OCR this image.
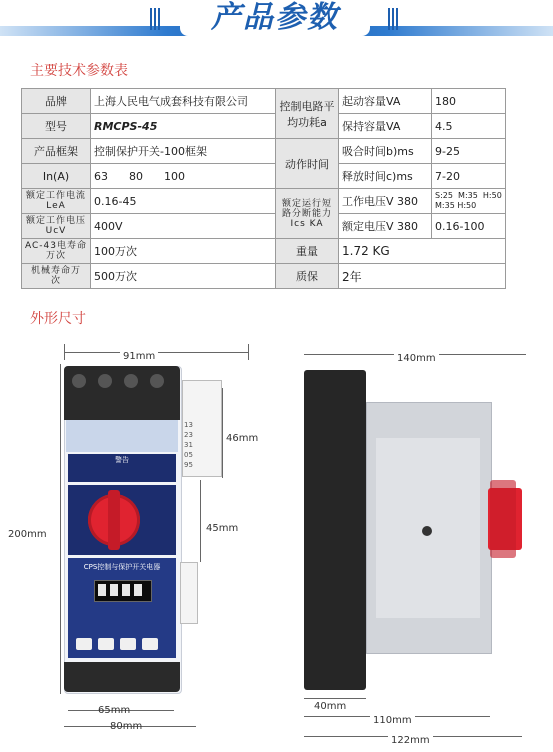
产品参数
主要技术参数表
品牌	上海人民电气成套科技有限公司	控制电路平均功耗a	起动容量VA	180
型号	RMCPS-45		保持容量VA	4.5
产品框架	控制保护开关-100框架	动作时间	吸合时间b)ms	9-25
In(A)	63      80      100		释放时间c)ms	7-20
额定工作电流LeA	0.16-45	额定运行短路分断能力Ics KA	工作电压V 380	S:25  M:35  H:50
M:35 H:50
额定工作电压UcV	400V		额定电压V 380	0.16-100
AC-43电寿命万次	100万次	重量	1.72 KG	
机械寿命万    次	500万次	质保	2年	
外形尺寸
91mm
200mm
警告
13
23
31
05
95
46mm
45mm
CPS控制与保护开关电器
65mm
80mm
140mm
40mm
110mm
122mm
